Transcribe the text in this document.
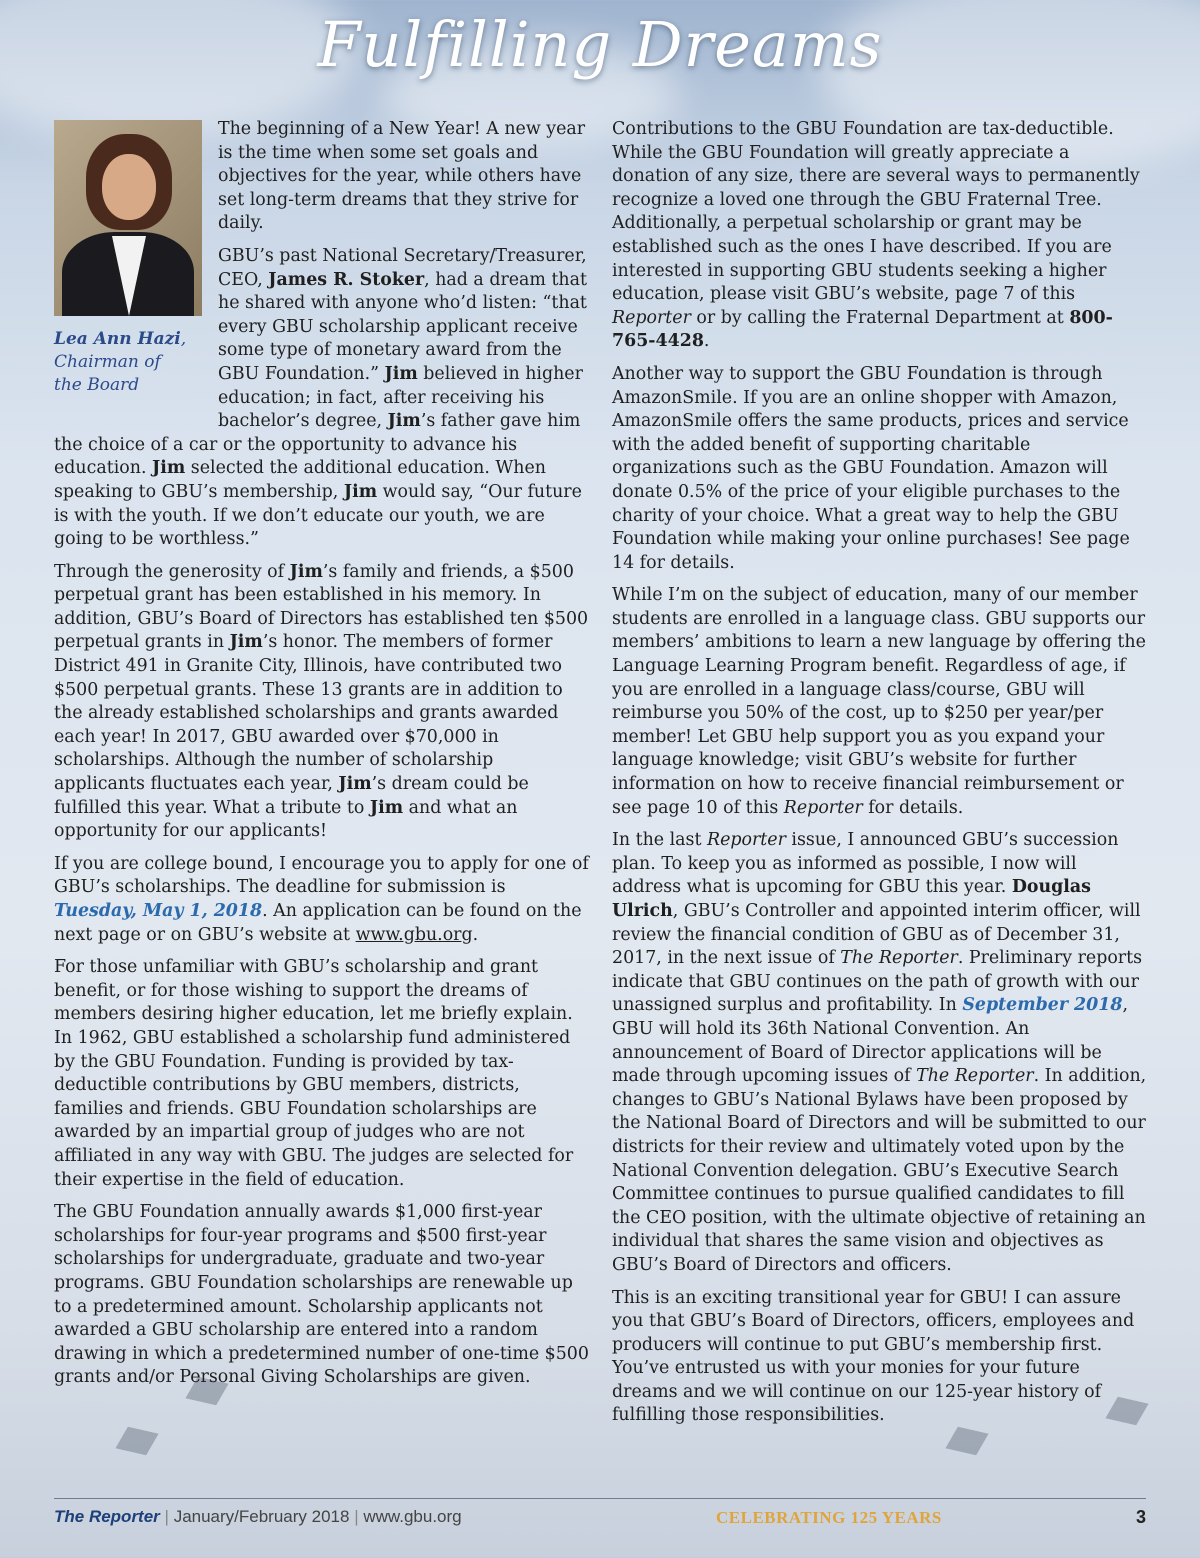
Fulfilling Dreams
Lea Ann Hazi,
Chairman of
the Board

The beginning of a New Year! A new year is the time when some set goals and objectives for the year, while others have set long-term dreams that they strive for daily.

GBU’s past National Secretary/Treasurer, CEO, James R. Stoker, had a dream that he shared with anyone who’d listen: “that every GBU scholarship applicant receive some type of monetary award from the GBU Foundation.” Jim believed in higher education; in fact, after receiving his bachelor’s degree, Jim’s father gave him the choice of a car or the opportunity to advance his education. Jim selected the additional education. When speaking to GBU’s membership, Jim would say, “Our future is with the youth. If we don’t educate our youth, we are going to be worthless.”

Through the generosity of Jim’s family and friends, a $500 perpetual grant has been established in his memory. In addition, GBU’s Board of Directors has established ten $500 perpetual grants in Jim’s honor. The members of former District 491 in Granite City, Illinois, have contributed two $500 perpetual grants. These 13 grants are in addition to the already established scholarships and grants awarded each year! In 2017, GBU awarded over $70,000 in scholarships. Although the number of scholarship applicants fluctuates each year, Jim’s dream could be fulfilled this year. What a tribute to Jim and what an opportunity for our applicants!

If you are college bound, I encourage you to apply for one of GBU’s scholarships. The deadline for submission is Tuesday, May 1, 2018. An application can be found on the next page or on GBU’s website at www.gbu.org.

For those unfamiliar with GBU’s scholarship and grant benefit, or for those wishing to support the dreams of members desiring higher education, let me briefly explain. In 1962, GBU established a scholarship fund administered by the GBU Foundation. Funding is provided by tax-deductible contributions by GBU members, districts, families and friends. GBU Foundation scholarships are awarded by an impartial group of judges who are not affiliated in any way with GBU. The judges are selected for their expertise in the field of education.

The GBU Foundation annually awards $1,000 first-year scholarships for four-year programs and $500 first-year scholarships for undergraduate, graduate and two-year programs. GBU Foundation scholarships are renewable up to a predetermined amount. Scholarship applicants not awarded a GBU scholarship are entered into a random drawing in which a predetermined number of one-time $500 grants and/or Personal Giving Scholarships are given.

Contributions to the GBU Foundation are tax-deductible. While the GBU Foundation will greatly appreciate a donation of any size, there are several ways to permanently recognize a loved one through the GBU Fraternal Tree. Additionally, a perpetual scholarship or grant may be established such as the ones I have described. If you are interested in supporting GBU students seeking a higher education, please visit GBU’s website, page 7 of this Reporter or by calling the Fraternal Department at 800-765-4428.

Another way to support the GBU Foundation is through AmazonSmile. If you are an online shopper with Amazon, AmazonSmile offers the same products, prices and service with the added benefit of supporting charitable organizations such as the GBU Foundation. Amazon will donate 0.5% of the price of your eligible purchases to the charity of your choice. What a great way to help the GBU Foundation while making your online purchases! See page 14 for details.

While I’m on the subject of education, many of our member students are enrolled in a language class. GBU supports our members’ ambitions to learn a new language by offering the Language Learning Program benefit. Regardless of age, if you are enrolled in a language class/course, GBU will reimburse you 50% of the cost, up to $250 per year/per member! Let GBU help support you as you expand your language knowledge; visit GBU’s website for further information on how to receive financial reimbursement or see page 10 of this Reporter for details.

In the last Reporter issue, I announced GBU’s succession plan. To keep you as informed as possible, I now will address what is upcoming for GBU this year. Douglas Ulrich, GBU’s Controller and appointed interim officer, will review the financial condition of GBU as of December 31, 2017, in the next issue of The Reporter. Preliminary reports indicate that GBU continues on the path of growth with our unassigned surplus and profitability. In September 2018, GBU will hold its 36th National Convention. An announcement of Board of Director applications will be made through upcoming issues of The Reporter. In addition, changes to GBU’s National Bylaws have been proposed by the National Board of Directors and will be submitted to our districts for their review and ultimately voted upon by the National Convention delegation. GBU’s Executive Search Committee continues to pursue qualified candidates to fill the CEO position, with the ultimate objective of retaining an individual that shares the same vision and objectives as GBU’s Board of Directors and officers.

This is an exciting transitional year for GBU! I can assure you that GBU’s Board of Directors, officers, employees and producers will continue to put GBU’s membership first. You’ve entrusted us with your monies for your future dreams and we will continue on our 125-year history of fulfilling those responsibilities.

The Reporter | January/February 2018 | www.gbu.org	CELEBRATING 125 YEARS	3
